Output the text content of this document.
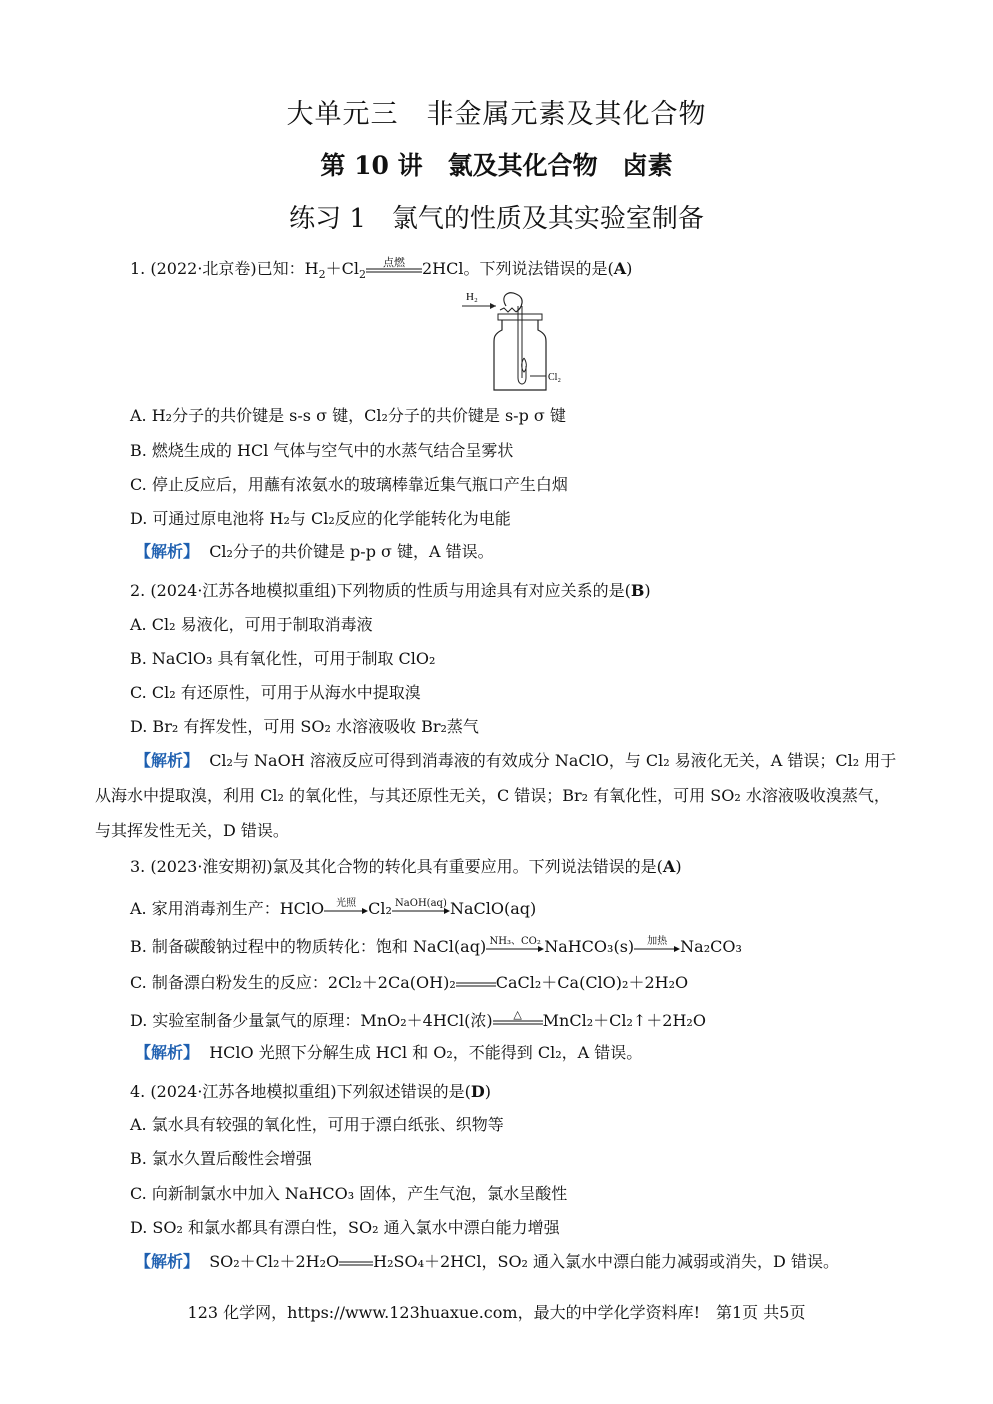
大单元三　非金属元素及其化合物
第 10 讲　氯及其化合物　卤素
练习 1　氯气的性质及其实验室制备
1. (2022·北京卷)已知：$H_2+Cl_2$
点燃	2HCl。下列说法错误的是(A)
H₂
Cl₂
A. H₂分子的共价键是 s-s σ 键，Cl₂分子的共价键是 s-p σ 键
B. 燃烧生成的 HCl 气体与空气中的水蒸气结合呈雾状
C. 停止反应后，用蘸有浓氨水的玻璃棒靠近集气瓶口产生白烟
D. 可通过原电池将 H₂与 Cl₂反应的化学能转化为电能
【解析】 Cl₂分子的共价键是 p-p σ 键，A 错误。
2. (2024·江苏各地模拟重组)下列物质的性质与用途具有对应关系的是(B)
A. Cl₂ 易液化，可用于制取消毒液
B. NaClO₃ 具有氧化性，可用于制取 ClO₂
C. Cl₂ 有还原性，可用于从海水中提取溴
D. Br₂ 有挥发性，可用 SO₂ 水溶液吸收 Br₂蒸气
【解析】 Cl₂与 NaOH 溶液反应可得到消毒液的有效成分 NaClO，与 Cl₂ 易液化无关，A 错误；Cl₂ 用于从海水中提取溴，利用 Cl₂ 的氧化性，与其还原性无关，C 错误；Br₂ 有氧化性，可用 SO₂ 水溶液吸收溴蒸气，与其挥发性无关，D 错误。
3. (2023·淮安期初)氯及其化合物的转化具有重要应用。下列说法错误的是(A)
A. 家用消毒剂生产：HClO	光照 Cl₂ NaOH(aq) NaClO(aq)
B. 制备碳酸钠过程中的物质转化：饱和 NaCl(aq) NH₃、CO₂ NaHCO₃(s)	加热 Na₂CO₃
C. 制备漂白粉发生的反应：2Cl₂＋2Ca(OH)₂	CaCl₂＋Ca(ClO)₂＋2H₂O
D. 实验室制备少量氯气的原理：MnO₂＋4HCl(浓)	△	MnCl₂＋Cl₂↑＋2H₂O
【解析】 HClO 光照下分解生成 HCl 和 O₂，不能得到 Cl₂，A 错误。
4. (2024·江苏各地模拟重组)下列叙述错误的是(D)
A. 氯水具有较强的氧化性，可用于漂白纸张、织物等
B. 氯水久置后酸性会增强
C. 向新制氯水中加入 NaHCO₃ 固体，产生气泡，氯水呈酸性
D. SO₂ 和氯水都具有漂白性，SO₂ 通入氯水中漂白能力增强
【解析】 SO₂＋Cl₂＋2H₂O H₂SO₄＋2HCl，SO₂ 通入氯水中漂白能力减弱或消失，D 错误。
123 化学网，https://www.123huaxue.com，最大的中学化学资料库!　第1页 共5页
